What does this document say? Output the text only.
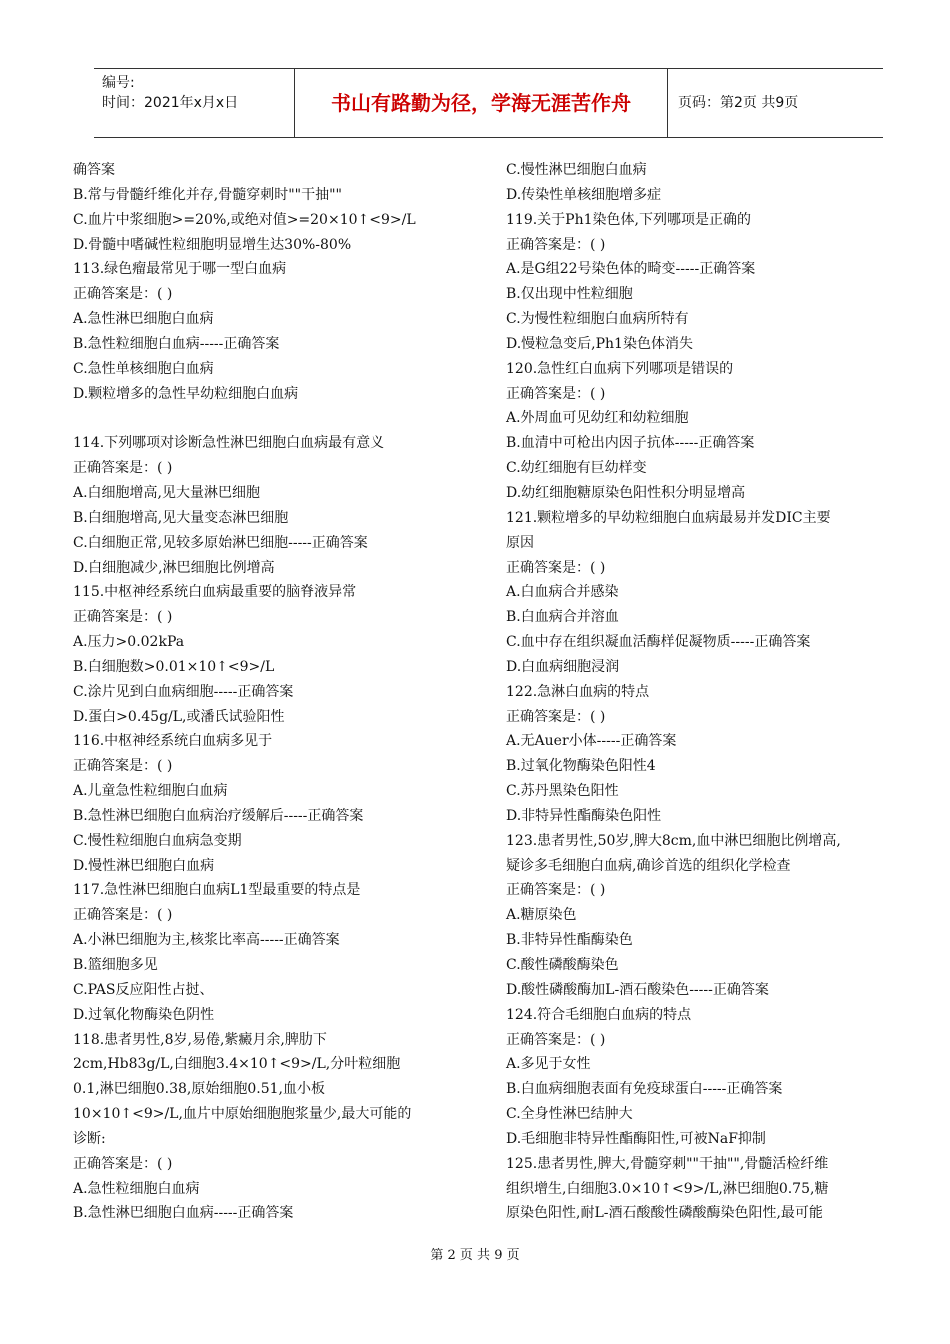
编号:
时间：2021年x月x日	书山有路勤为径，学海无涯苦作舟	页码：第2页 共9页
确答案
B.常与骨髓纤维化并存,骨髓穿刺时""干抽""
C.血片中浆细胞>=20%,或绝对值>=20×10↑<9>/L
D.骨髓中嗜碱性粒细胞明显增生达30%-80%
113.绿色瘤最常见于哪一型白血病
正确答案是：( )
A.急性淋巴细胞白血病
B.急性粒细胞白血病-----正确答案
C.急性单核细胞白血病
D.颗粒增多的急性早幼粒细胞白血病
114.下列哪项对诊断急性淋巴细胞白血病最有意义
正确答案是：( )
A.白细胞增高,见大量淋巴细胞
B.白细胞增高,见大量变态淋巴细胞
C.白细胞正常,见较多原始淋巴细胞-----正确答案
D.白细胞减少,淋巴细胞比例增高
115.中枢神经系统白血病最重要的脑脊液异常
正确答案是：( )
A.压力>0.02kPa
B.白细胞数>0.01×10↑<9>/L
C.涂片见到白血病细胞-----正确答案
D.蛋白>0.45g/L,或潘氏试验阳性
116.中枢神经系统白血病多见于
正确答案是：( )
A.儿童急性粒细胞白血病
B.急性淋巴细胞白血病治疗缓解后-----正确答案
C.慢性粒细胞白血病急变期
D.慢性淋巴细胞白血病
117.急性淋巴细胞白血病L1型最重要的特点是
正确答案是：( )
A.小淋巴细胞为主,核浆比率高-----正确答案
B.篮细胞多见
C.PAS反应阳性占挝、
D.过氧化物酶染色阴性
118.患者男性,8岁,易倦,紫癜月余,脾肋下
2cm,Hb83g/L,白细胞3.4×10↑<9>/L,分叶粒细胞
0.1,淋巴细胞0.38,原始细胞0.51,血小板
10×10↑<9>/L,血片中原始细胞胞浆量少,最大可能的
诊断:
正确答案是：( )
A.急性粒细胞白血病
B.急性淋巴细胞白血病-----正确答案
C.慢性淋巴细胞白血病
D.传染性单核细胞增多症
119.关于Ph1染色体,下列哪项是正确的
正确答案是：( )
A.是G组22号染色体的畸变-----正确答案
B.仅出现中性粒细胞
C.为慢性粒细胞白血病所特有
D.慢粒急变后,Ph1染色体消失
120.急性红白血病下列哪项是错误的
正确答案是：( )
A.外周血可见幼红和幼粒细胞
B.血清中可枪出内因子抗体-----正确答案
C.幼红细胞有巨幼样变
D.幼红细胞糖原染色阳性积分明显增高
121.颗粒增多的早幼粒细胞白血病最易并发DIC主要
原因
正确答案是：( )
A.白血病合并感染
B.白血病合并溶血
C.血中存在组织凝血活酶样促凝物质-----正确答案
D.白血病细胞浸润
122.急淋白血病的特点
正确答案是：( )
A.无Auer小体-----正确答案
B.过氧化物酶染色阳性4
C.苏丹黑染色阳性
D.非特异性酯酶染色阳性
123.患者男性,50岁,脾大8cm,血中淋巴细胞比例增高,
疑诊多毛细胞白血病,确诊首选的组织化学检查
正确答案是：( )
A.糖原染色
B.非特异性酯酶染色
C.酸性磷酸酶染色
D.酸性磷酸酶加L-酒石酸染色-----正确答案
124.符合毛细胞白血病的特点
正确答案是：( )
A.多见于女性
B.白血病细胞表面有免疫球蛋白-----正确答案
C.全身性淋巴结肿大
D.毛细胞非特异性酯酶阳性,可被NaF抑制
125.患者男性,脾大,骨髓穿刺""干抽"",骨髓活检纤维
组织增生,白细胞3.0×10↑<9>/L,淋巴细胞0.75,糖
原染色阳性,耐L-酒石酸酸性磷酸酶染色阳性,最可能
第 2 页 共 9 页
